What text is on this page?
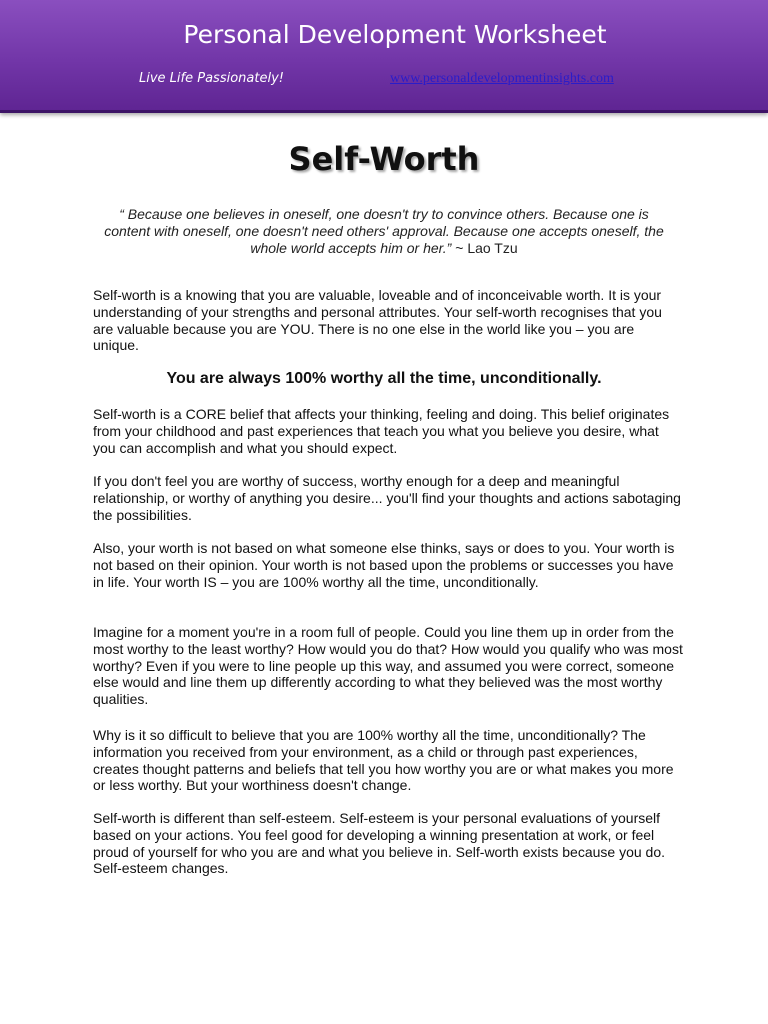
Personal Development Worksheet
Live Life Passionately!	www.personaldevelopmentinsights.com
Self-Worth
“ Because one believes in oneself, one doesn't try to convince others. Because one is content with oneself, one doesn't need others' approval. Because one accepts oneself, the whole world accepts him or her.” ~ Lao Tzu

Self-worth is a knowing that you are valuable, loveable and of inconceivable worth. It is your understanding of your strengths and personal attributes. Your self-worth recognises that you are valuable because you are YOU. There is no one else in the world like you – you are unique.

You are always 100% worthy all the time, unconditionally.

Self-worth is a CORE belief that affects your thinking, feeling and doing. This belief originates from your childhood and past experiences that teach you what you believe you desire, what you can accomplish and what you should expect.

If you don't feel you are worthy of success, worthy enough for a deep and meaningful relationship, or worthy of anything you desire... you'll find your thoughts and actions sabotaging the possibilities.

Also, your worth is not based on what someone else thinks, says or does to you. Your worth is not based on their opinion. Your worth is not based upon the problems or successes you have in life. Your worth IS – you are 100% worthy all the time, unconditionally.

Imagine for a moment you're in a room full of people. Could you line them up in order from the most worthy to the least worthy? How would you do that? How would you qualify who was most worthy? Even if you were to line people up this way, and assumed you were correct, someone else would and line them up differently according to what they believed was the most worthy qualities.

Why is it so difficult to believe that you are 100% worthy all the time, unconditionally? The information you received from your environment, as a child or through past experiences, creates thought patterns and beliefs that tell you how worthy you are or what makes you more or less worthy. But your worthiness doesn't change.

Self-worth is different than self-esteem. Self-esteem is your personal evaluations of yourself based on your actions. You feel good for developing a winning presentation at work, or feel proud of yourself for who you are and what you believe in. Self-worth exists because you do. Self-esteem changes.
